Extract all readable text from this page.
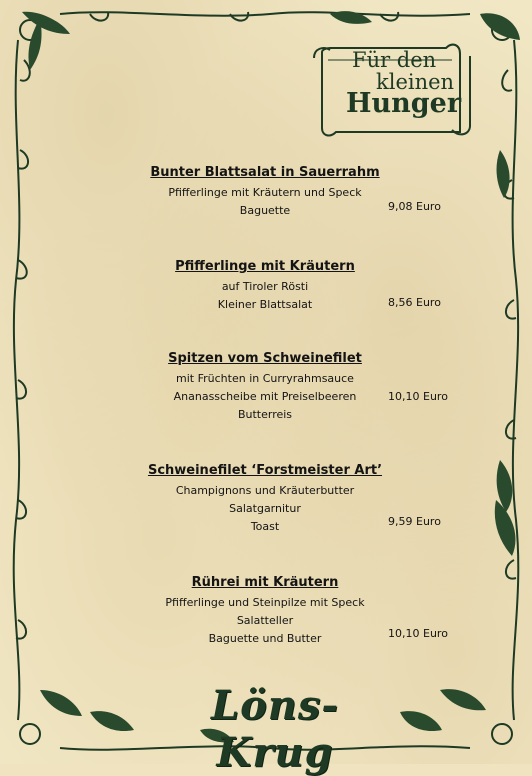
Für den
kleinen
Hunger
Bunter Blattsalat in Sauerrahm
Pfifferlinge mit Kräutern und Speck
Baguette	9,08 Euro
Pfifferlinge mit Kräutern
auf Tiroler Rösti
Kleiner Blattsalat	8,56 Euro
Spitzen vom Schweinefilet
mit Früchten in Curryrahmsauce
Ananasscheibe mit Preiselbeeren
Butterreis
10,10 Euro
Schweinefilet ‘Forstmeister Art’
Champignons und Kräuterbutter
Salatgarnitur
Toast	9,59 Euro
Rührei mit Kräutern
Pfifferlinge und Steinpilze mit Speck
Salatteller
Baguette und Butter	10,10 Euro
Löns-Krug
